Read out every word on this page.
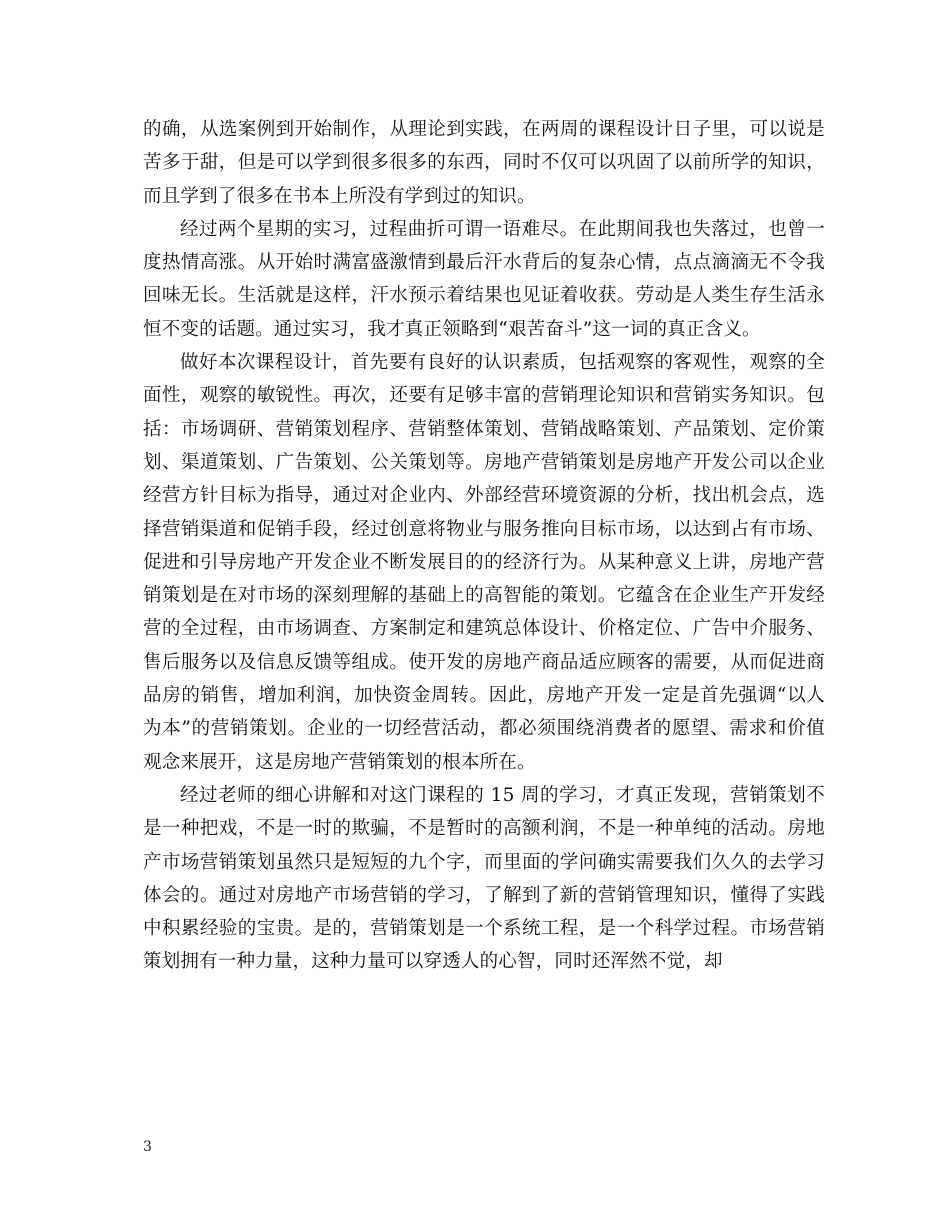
的确，从选案例到开始制作，从理论到实践，在两周的课程设计日子里，可以说是苦多于甜，但是可以学到很多很多的东西，同时不仅可以巩固了以前所学的知识，而且学到了很多在书本上所没有学到过的知识。

经过两个星期的实习，过程曲折可谓一语难尽。在此期间我也失落过，也曾一度热情高涨。从开始时满富盛激情到最后汗水背后的复杂心情，点点滴滴无不令我回味无长。生活就是这样，汗水预示着结果也见证着收获。劳动是人类生存生活永恒不变的话题。通过实习，我才真正领略到“艰苦奋斗”这一词的真正含义。

做好本次课程设计，首先要有良好的认识素质，包括观察的客观性，观察的全面性，观察的敏锐性。再次，还要有足够丰富的营销理论知识和营销实务知识。包括：市场调研、营销策划程序、营销整体策划、营销战略策划、产品策划、定价策划、渠道策划、广告策划、公关策划等。房地产营销策划是房地产开发公司以企业经营方针目标为指导，通过对企业内、外部经营环境资源的分析，找出机会点，选择营销渠道和促销手段，经过创意将物业与服务推向目标市场，以达到占有市场、促进和引导房地产开发企业不断发展目的的经济行为。从某种意义上讲，房地产营销策划是在对市场的深刻理解的基础上的高智能的策划。它蕴含在企业生产开发经营的全过程，由市场调查、方案制定和建筑总体设计、价格定位、广告中介服务、售后服务以及信息反馈等组成。使开发的房地产商品适应顾客的需要，从而促进商品房的销售，增加利润，加快资金周转。因此，房地产开发一定是首先强调“以人为本”的营销策划。企业的一切经营活动，都必须围绕消费者的愿望、需求和价值观念来展开，这是房地产营销策划的根本所在。

经过老师的细心讲解和对这门课程的 15 周的学习，才真正发现，营销策划不是一种把戏，不是一时的欺骗，不是暂时的高额利润，不是一种单纯的活动。房地产市场营销策划虽然只是短短的九个字，而里面的学问确实需要我们久久的去学习体会的。通过对房地产市场营销的学习，了解到了新的营销管理知识，懂得了实践中积累经验的宝贵。是的，营销策划是一个系统工程，是一个科学过程。市场营销策划拥有一种力量，这种力量可以穿透人的心智，同时还浑然不觉，却

3
